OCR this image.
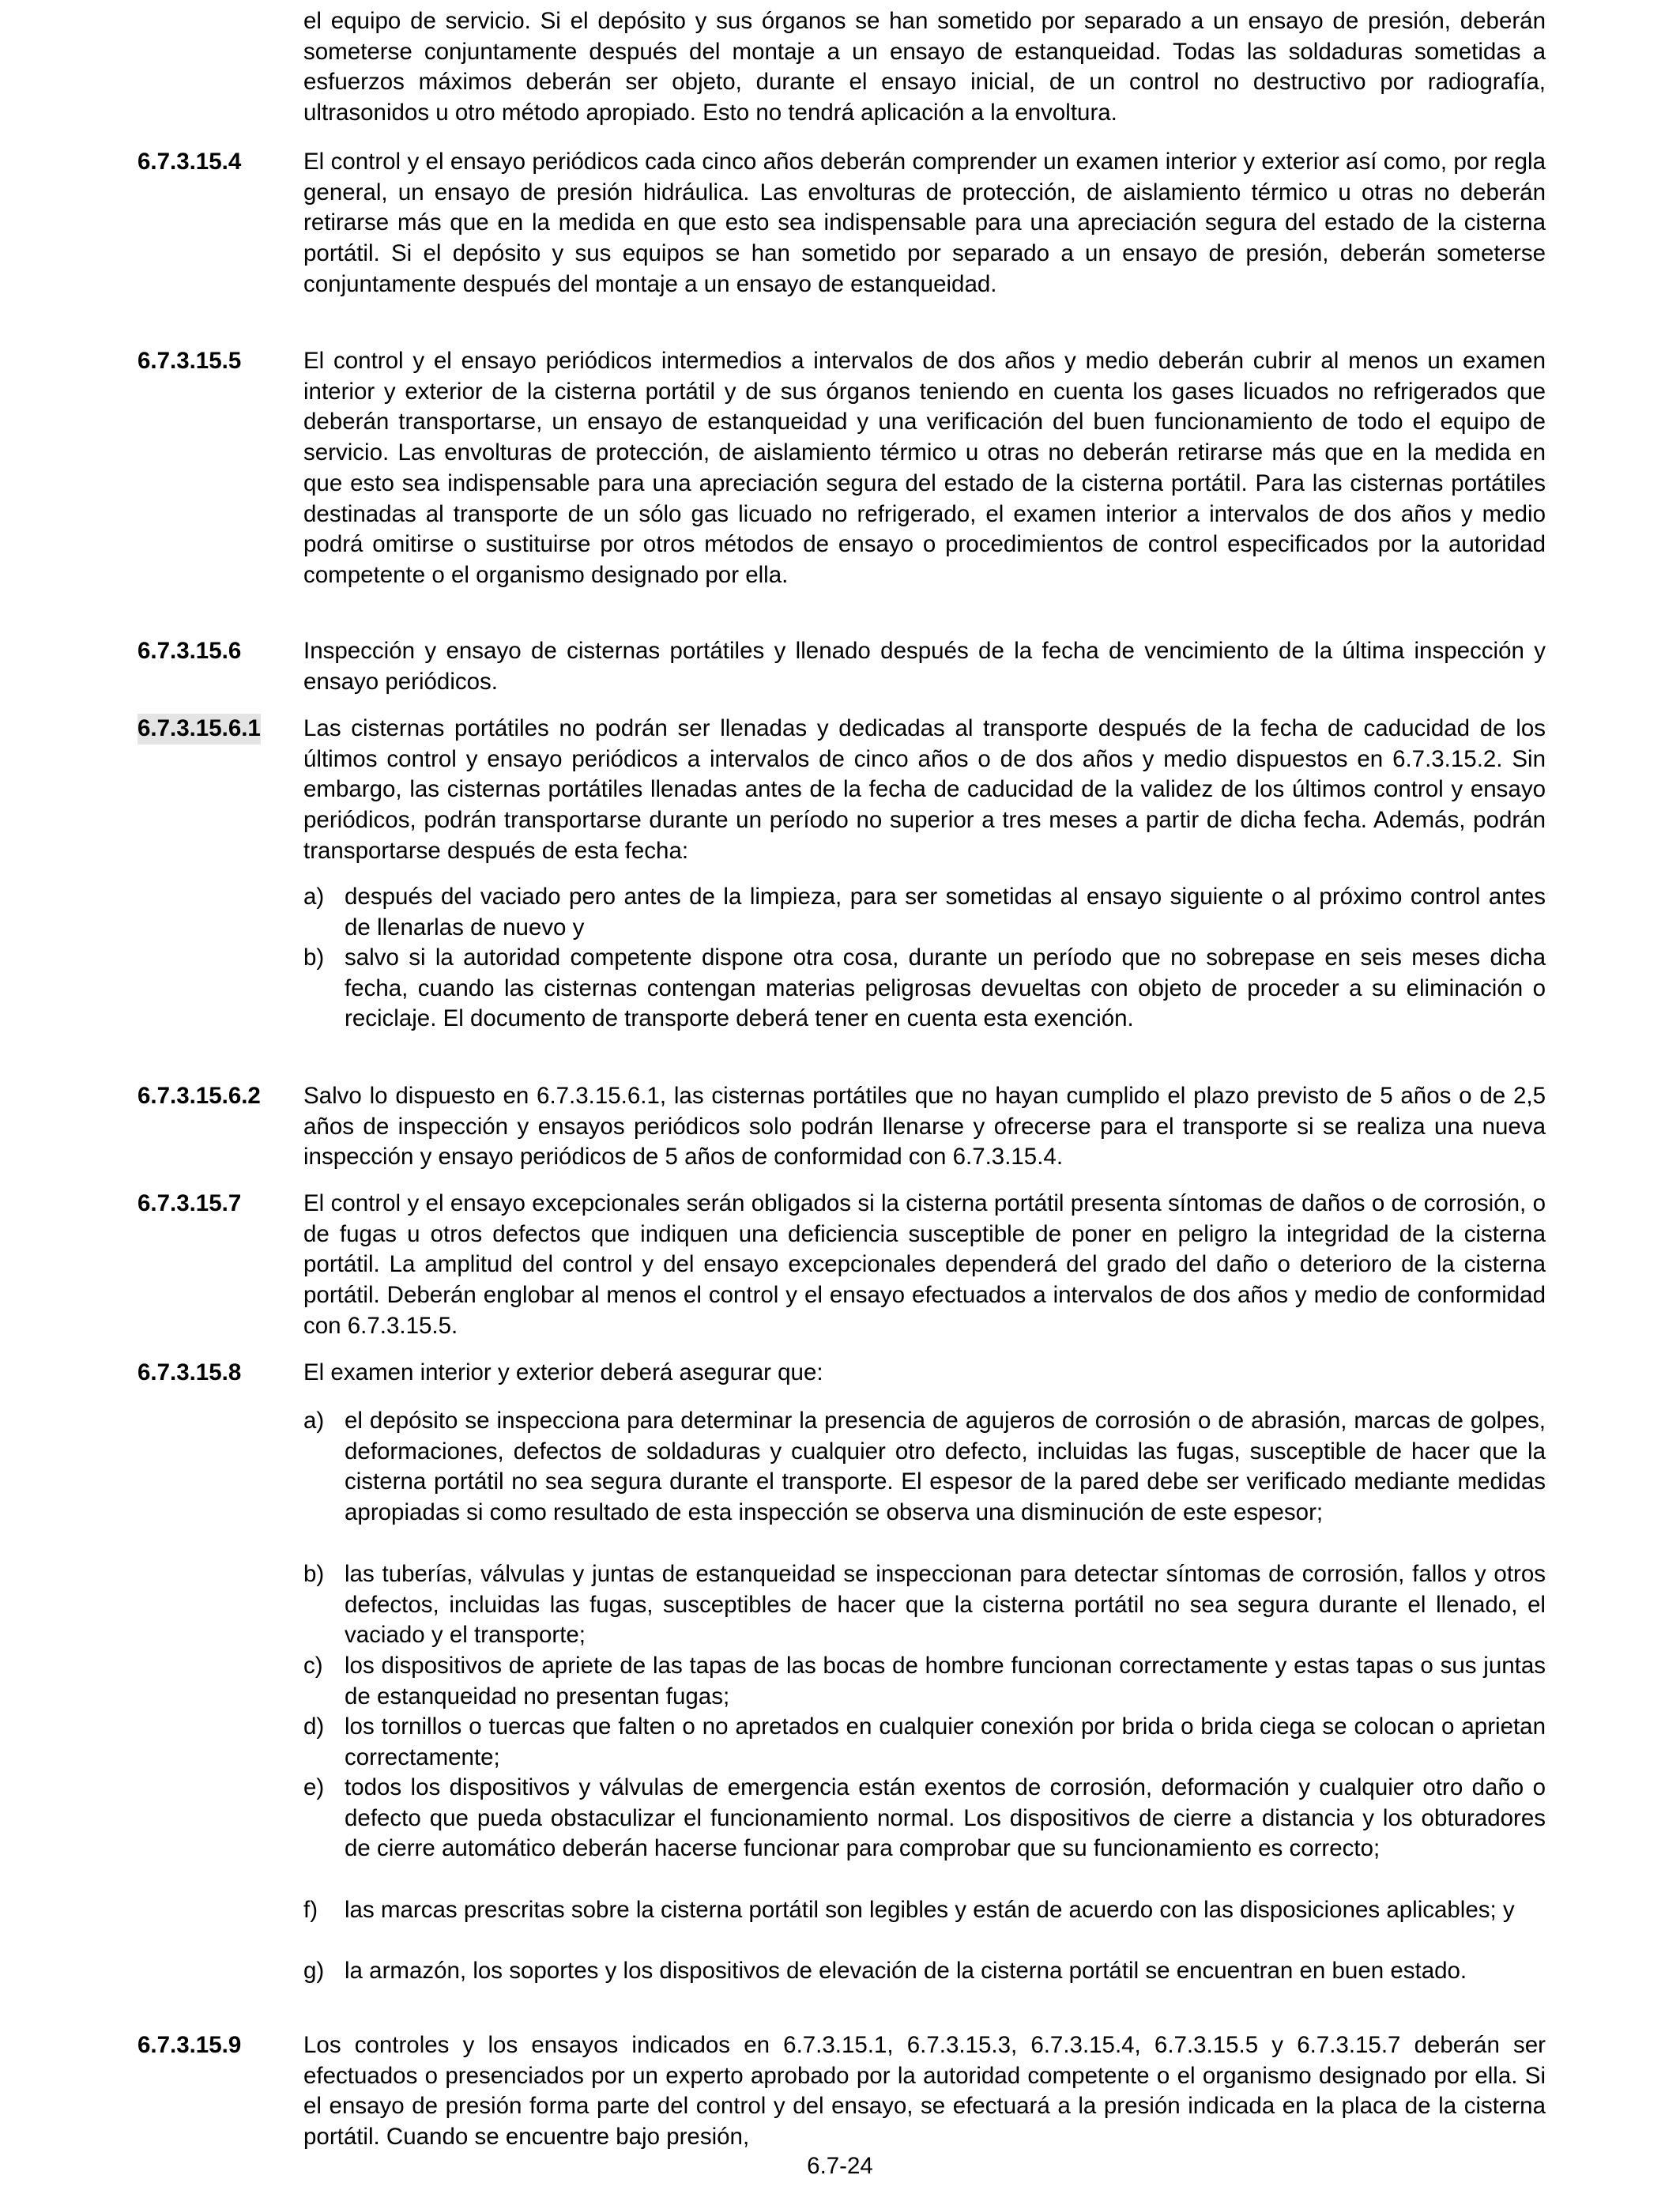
el equipo de servicio. Si el depósito y sus órganos se han sometido por separado a un ensayo de presión, deberán someterse conjuntamente después del montaje a un ensayo de estanqueidad. Todas las soldaduras sometidas a esfuerzos máximos deberán ser objeto, durante el ensayo inicial, de un control no destructivo por radiografía, ultrasonidos u otro método apropiado. Esto no tendrá aplicación a la envoltura.
6.7.3.15.4	El control y el ensayo periódicos cada cinco años deberán comprender un examen interior y exterior así como, por regla general, un ensayo de presión hidráulica. Las envolturas de protección, de aislamiento térmico u otras no deberán retirarse más que en la medida en que esto sea indispensable para una apreciación segura del estado de la cisterna portátil. Si el depósito y sus equipos se han sometido por separado a un ensayo de presión, deberán someterse conjuntamente después del montaje a un ensayo de estanqueidad.
6.7.3.15.5	El control y el ensayo periódicos intermedios a intervalos de dos años y medio deberán cubrir al menos un examen interior y exterior de la cisterna portátil y de sus órganos teniendo en cuenta los gases licuados no refrigerados que deberán transportarse, un ensayo de estanqueidad y una verificación del buen funcionamiento de todo el equipo de servicio. Las envolturas de protección, de aislamiento térmico u otras no deberán retirarse más que en la medida en que esto sea indispensable para una apreciación segura del estado de la cisterna portátil. Para las cisternas portátiles destinadas al transporte de un sólo gas licuado no refrigerado, el examen interior a intervalos de dos años y medio podrá omitirse o sustituirse por otros métodos de ensayo o procedimientos de control especificados por la autoridad competente o el organismo designado por ella.
6.7.3.15.6	Inspección y ensayo de cisternas portátiles y llenado después de la fecha de vencimiento de la última inspección y ensayo periódicos.
6.7.3.15.6.1 Las cisternas portátiles no podrán ser llenadas y dedicadas al transporte después de la fecha de caducidad de los últimos control y ensayo periódicos a intervalos de cinco años o de dos años y medio dispuestos en 6.7.3.15.2. Sin embargo, las cisternas portátiles llenadas antes de la fecha de caducidad de la validez de los últimos control y ensayo periódicos, podrán transportarse durante un período no superior a tres meses a partir de dicha fecha. Además, podrán transportarse después de esta fecha:
a) después del vaciado pero antes de la limpieza, para ser sometidas al ensayo siguiente o al próximo control antes de llenarlas de nuevo y
b) salvo si la autoridad competente dispone otra cosa, durante un período que no sobrepase en seis meses dicha fecha, cuando las cisternas contengan materias peligrosas devueltas con objeto de proceder a su eliminación o reciclaje. El documento de transporte deberá tener en cuenta esta exención.
6.7.3.15.6.2 Salvo lo dispuesto en 6.7.3.15.6.1, las cisternas portátiles que no hayan cumplido el plazo previsto de 5 años o de 2,5 años de inspección y ensayos periódicos solo podrán llenarse y ofrecerse para el transporte si se realiza una nueva inspección y ensayo periódicos de 5 años de conformidad con 6.7.3.15.4.
6.7.3.15.7	El control y el ensayo excepcionales serán obligados si la cisterna portátil presenta síntomas de daños o de corrosión, o de fugas u otros defectos que indiquen una deficiencia susceptible de poner en peligro la integridad de la cisterna portátil. La amplitud del control y del ensayo excepcionales dependerá del grado del daño o deterioro de la cisterna portátil. Deberán englobar al menos el control y el ensayo efectuados a intervalos de dos años y medio de conformidad con 6.7.3.15.5.
6.7.3.15.8	El examen interior y exterior deberá asegurar que:
a) el depósito se inspecciona para determinar la presencia de agujeros de corrosión o de abrasión, marcas de golpes, deformaciones, defectos de soldaduras y cualquier otro defecto, incluidas las fugas, susceptible de hacer que la cisterna portátil no sea segura durante el transporte. El espesor de la pared debe ser verificado mediante medidas apropiadas si como resultado de esta inspección se observa una disminución de este espesor;
b) las tuberías, válvulas y juntas de estanqueidad se inspeccionan para detectar síntomas de corrosión, fallos y otros defectos, incluidas las fugas, susceptibles de hacer que la cisterna portátil no sea segura durante el llenado, el vaciado y el transporte;
c) los dispositivos de apriete de las tapas de las bocas de hombre funcionan correctamente y estas tapas o sus juntas de estanqueidad no presentan fugas;
d) los tornillos o tuercas que falten o no apretados en cualquier conexión por brida o brida ciega se colocan o aprietan correctamente;
e) todos los dispositivos y válvulas de emergencia están exentos de corrosión, deformación y cualquier otro daño o defecto que pueda obstaculizar el funcionamiento normal. Los dispositivos de cierre a distancia y los obturadores de cierre automático deberán hacerse funcionar para comprobar que su funcionamiento es correcto;
f) las marcas prescritas sobre la cisterna portátil son legibles y están de acuerdo con las disposiciones aplicables; y
g) la armazón, los soportes y los dispositivos de elevación de la cisterna portátil se encuentran en buen estado.
6.7.3.15.9	Los controles y los ensayos indicados en 6.7.3.15.1, 6.7.3.15.3, 6.7.3.15.4, 6.7.3.15.5 y 6.7.3.15.7 deberán ser efectuados o presenciados por un experto aprobado por la autoridad competente o el organismo designado por ella. Si el ensayo de presión forma parte del control y del ensayo, se efectuará a la presión indicada en la placa de la cisterna portátil. Cuando se encuentre bajo presión,
6.7-24
